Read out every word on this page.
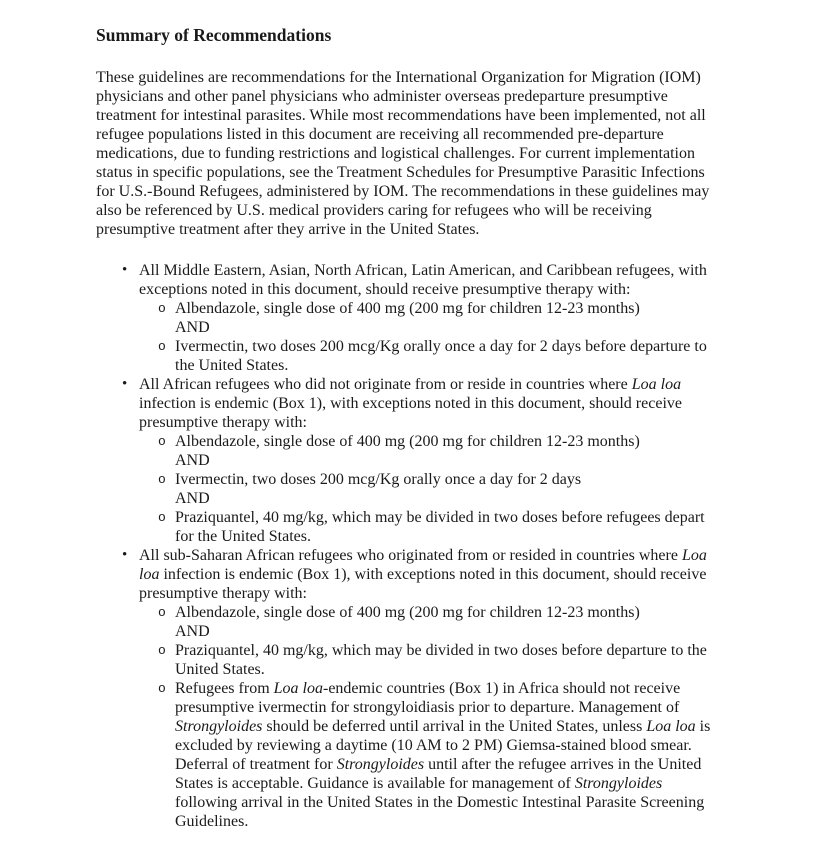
Summary of Recommendations

These guidelines are recommendations for the International Organization for Migration (IOM) physicians and other panel physicians who administer overseas predeparture presumptive treatment for intestinal parasites. While most recommendations have been implemented, not all refugee populations listed in this document are receiving all recommended pre-departure medications, due to funding restrictions and logistical challenges. For current implementation status in specific populations, see the Treatment Schedules for Presumptive Parasitic Infections for U.S.-Bound Refugees, administered by IOM. The recommendations in these guidelines may also be referenced by U.S. medical providers caring for refugees who will be receiving presumptive treatment after they arrive in the United States.

• All Middle Eastern, Asian, North African, Latin American, and Caribbean refugees, with exceptions noted in this document, should receive presumptive therapy with:
o Albendazole, single dose of 400 mg (200 mg for children 12-23 months)
AND
o Ivermectin, two doses 200 mcg/Kg orally once a day for 2 days before departure to the United States.
• All African refugees who did not originate from or reside in countries where Loa loa infection is endemic (Box 1), with exceptions noted in this document, should receive presumptive therapy with:
o Albendazole, single dose of 400 mg (200 mg for children 12-23 months)
AND
o Ivermectin, two doses 200 mcg/Kg orally once a day for 2 days
AND
o Praziquantel, 40 mg/kg, which may be divided in two doses before refugees depart for the United States.
• All sub-Saharan African refugees who originated from or resided in countries where Loa loa infection is endemic (Box 1), with exceptions noted in this document, should receive presumptive therapy with:
o Albendazole, single dose of 400 mg (200 mg for children 12-23 months)
AND
o Praziquantel, 40 mg/kg, which may be divided in two doses before departure to the United States.
o Refugees from Loa loa-endemic countries (Box 1) in Africa should not receive presumptive ivermectin for strongyloidiasis prior to departure. Management of Strongyloides should be deferred until arrival in the United States, unless Loa loa is excluded by reviewing a daytime (10 AM to 2 PM) Giemsa-stained blood smear. Deferral of treatment for Strongyloides until after the refugee arrives in the United States is acceptable. Guidance is available for management of Strongyloides following arrival in the United States in the Domestic Intestinal Parasite Screening Guidelines.
